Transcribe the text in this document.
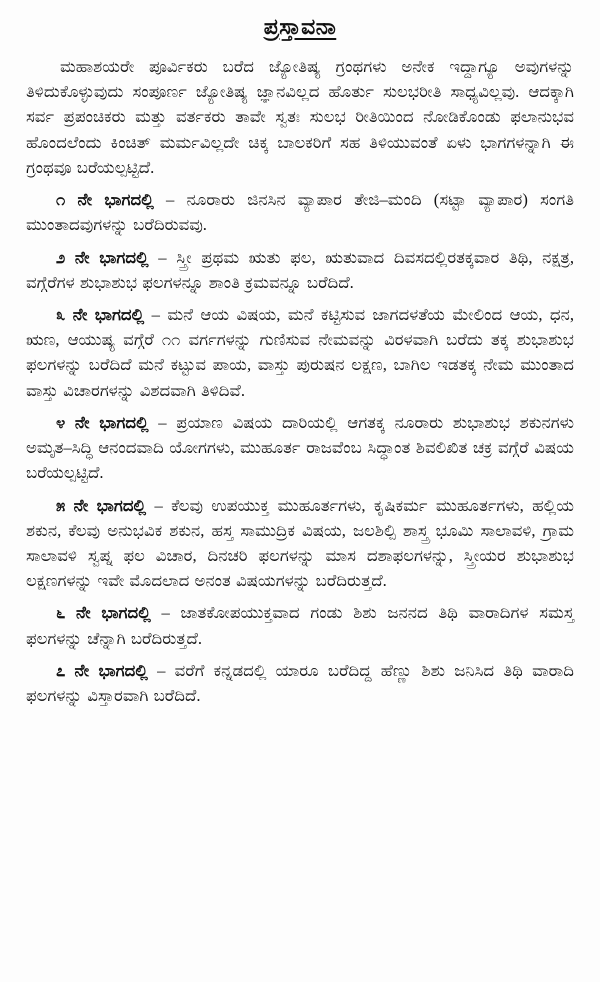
ಪ್ರಸ್ತಾವನಾ

ಮಹಾಶಯರೇ ಪೂರ್ವಿಕರು ಬರೆದ ಜ್ಯೋತಿಷ್ಯ ಗ್ರಂಥಗಳು ಅನೇಕ ಇದ್ದಾಗ್ಯೂ ಅವುಗಳನ್ನು ತಿಳಿದುಕೊಳ್ಳುವುದು ಸಂಪೂರ್ಣ ಜ್ಯೋತಿಷ್ಯ ಜ್ಞಾನವಿಲ್ಲದ ಹೊರ್ತು ಸುಲಭರೀತಿ ಸಾಧ್ಯವಿಲ್ಲವು. ಆದಕ್ಕಾಗಿ ಸರ್ವ ಪ್ರಪಂಚಿಕರು ಮತ್ತು ವರ್ತಕರು ತಾವೇ ಸ್ವತಃ ಸುಲಭ ರೀತಿಯಿಂದ ನೋಡಿಕೊಂಡು ಫಲಾನುಭವ ಹೊಂದಲೆಂದು ಕಿಂಚಿತ್ ಮರ್ಮವಿಲ್ಲದೇ ಚಿಕ್ಕ ಬಾಲಕರಿಗೆ ಸಹ ತಿಳಿಯುವಂತೆ ಏಳು ಭಾಗಗಳನ್ನಾಗಿ ಈ ಗ್ರಂಥವೂ ಬರೆಯಲ್ಪಟ್ಟಿದೆ.

೧ ನೇ ಭಾಗದಲ್ಲಿ – ನೂರಾರು ಜಿನಸಿನ ವ್ಯಾಪಾರ ತೇಜಿ–ಮಂದಿ (ಸಟ್ಟಾ ವ್ಯಾಪಾರ) ಸಂಗತಿ ಮುಂತಾದವುಗಳನ್ನು ಬರೆದಿರುವವು.

೨ ನೇ ಭಾಗದಲ್ಲಿ – ಸ್ತ್ರೀ ಪ್ರಥಮ ಋತು ಫಲ, ಋತುವಾದ ದಿವಸದಲ್ಲಿರತಕ್ಕವಾರ ತಿಥಿ, ನಕ್ಷತ್ರ, ವಗ್ಗೆರೆಗಳ ಶುಭಾಶುಭ ಫಲಗಳನ್ನೂ ಶಾಂತಿ ಕ್ರಮವನ್ನೂ ಬರೆದಿದೆ.

೩ ನೇ ಭಾಗದಲ್ಲಿ – ಮನೆ ಆಯ ವಿಷಯ, ಮನೆ ಕಟ್ಟಿಸುವ ಜಾಗದಳತೆಯ ಮೇಲಿಂದ ಆಯ, ಧನ, ಋಣ, ಆಯುಷ್ಯ ವಗ್ಗೆರೆ ೧೧ ವರ್ಗಗಳನ್ನು ಗುಣಿಸುವ ನೇಮವನ್ನು ವಿರಳವಾಗಿ ಬರೆದು ತಕ್ಕ ಶುಭಾಶುಭ ಫಲಗಳನ್ನು ಬರೆದಿದೆ ಮನೆ ಕಟ್ಟುವ ಪಾಯ, ವಾಸ್ತು ಪುರುಷನ ಲಕ್ಷಣ, ಬಾಗಿಲ ಇಡತಕ್ಕ ನೇಮ ಮುಂತಾದ ವಾಸ್ತು ವಿಚಾರಗಳನ್ನು ವಿಶದವಾಗಿ ತಿಳಿದಿವೆ.

೪ ನೇ ಭಾಗದಲ್ಲಿ – ಪ್ರಯಾಣ ವಿಷಯ ದಾರಿಯಲ್ಲಿ ಆಗತಕ್ಕ ನೂರಾರು ಶುಭಾಶುಭ ಶಕುನಗಳು ಅಮೃತ–ಸಿದ್ಧಿ ಆನಂದವಾದಿ ಯೋಗಗಳು, ಮುಹೂರ್ತ ರಾಜವೆಂಬ ಸಿದ್ಧಾಂತ ಶಿವಲಿಖಿತ ಚಕ್ರ ವಗ್ಗೆರೆ ವಿಷಯ ಬರೆಯಲ್ಪಟ್ಟಿದೆ.

೫ ನೇ ಭಾಗದಲ್ಲಿ – ಕೆಲವು ಉಪಯುಕ್ತ ಮುಹೂರ್ತಗಳು, ಕೃಷಿಕರ್ಮ ಮುಹೂರ್ತಗಳು, ಹಲ್ಲಿಯ ಶಕುನ, ಕೆಲವು ಅನುಭವಿಕ ಶಕುನ, ಹಸ್ತ ಸಾಮುದ್ರಿಕ ವಿಷಯ, ಜಲಶಿಲ್ಪಿ ಶಾಸ್ತ್ರ ಭೂಮಿ ಸಾಲಾವಳಿ, ಗ್ರಾಮ ಸಾಲಾವಳಿ ಸ್ವಪ್ನ ಫಲ ವಿಚಾರ, ದಿನಚರಿ ಫಲಗಳನ್ನು ಮಾಸ ದಶಾಫಲಗಳನ್ನು, ಸ್ತ್ರೀಯರ ಶುಭಾಶುಭ ಲಕ್ಷಣಗಳನ್ನು ಇವೇ ಮೊದಲಾದ ಅನಂತ ವಿಷಯಗಳನ್ನು ಬರೆದಿರುತ್ತದೆ.

೬ ನೇ ಭಾಗದಲ್ಲಿ – ಜಾತಕೋಪಯುಕ್ತವಾದ ಗಂಡು ಶಿಶು ಜನನದ ತಿಥಿ ವಾರಾದಿಗಳ ಸಮಸ್ತ ಫಲಗಳನ್ನು ಚೆನ್ನಾಗಿ ಬರೆದಿರುತ್ತದೆ.

೭ ನೇ ಭಾಗದಲ್ಲಿ – ವರೆಗೆ ಕನ್ನಡದಲ್ಲಿ ಯಾರೂ ಬರೆದಿದ್ದ ಹೆಣ್ಣು ಶಿಶು ಜನಿಸಿದ ತಿಥಿ ವಾರಾದಿ ಫಲಗಳನ್ನು ವಿಸ್ತಾರವಾಗಿ ಬರೆದಿದೆ.
